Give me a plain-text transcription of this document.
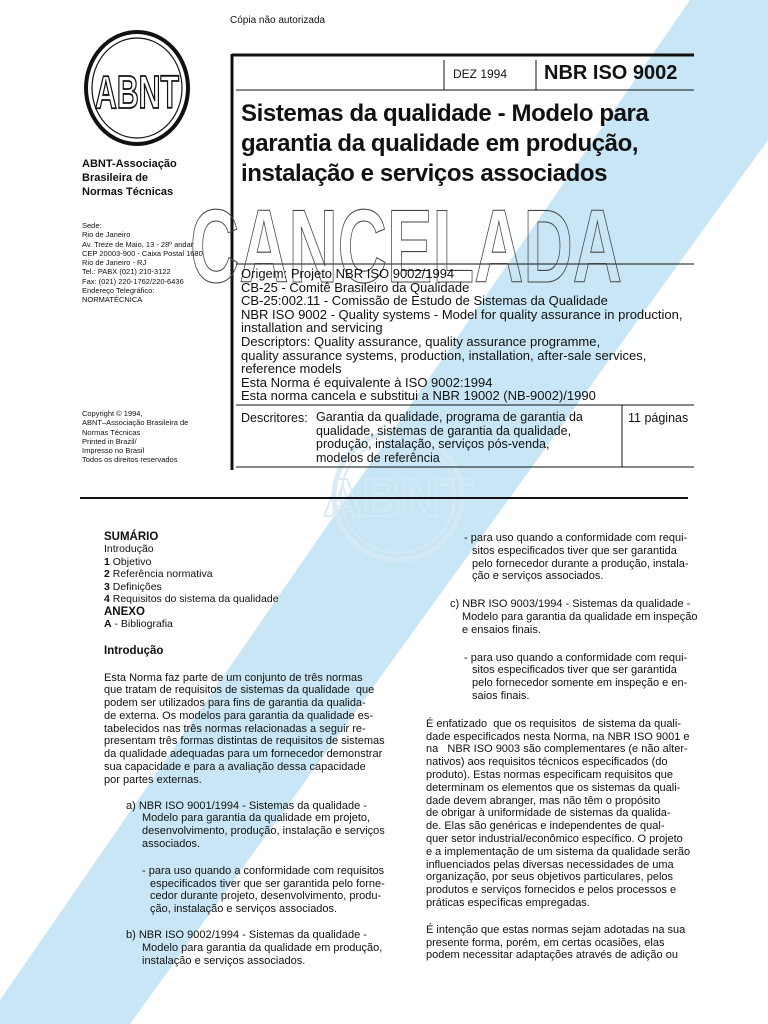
ABNT
CANCELADA
Cópia não autorizada
ABNT
ABNT-Associação
Brasileira de
Normas Técnicas
Sede:
Rio de Janeiro
Av. Treze de Maio, 13 - 28º andar
CEP 20003-900 - Caixa Postal 1680
Rio de Janeiro - RJ
Tel.: PABX (021) 210-3122
Fax: (021) 220-1762/220-6436
Endereço Telegráfico:
NORMATÉCNICA
Copyright © 1994,
ABNT–Associação Brasileira de
Normas Técnicas
Printed in Brazil/
Impresso no Brasil
Todos os direitos reservados
DEZ 1994 NBR ISO 9002
Sistemas da qualidade - Modelo para
garantia da qualidade em produção,
instalação e serviços associados
Origem: Projeto NBR ISO 9002/1994
CB-25 - Comitê Brasileiro da Qualidade
CB-25:002.11 - Comissão de Estudo de Sistemas da Qualidade
NBR ISO 9002 - Quality systems - Model for quality assurance in production,
installation and servicing
Descriptors: Quality assurance, quality assurance programme,
quality assurance systems, production, installation, after-sale services,
reference models
Esta Norma é equivalente à ISO 9002:1994
Esta norma cancela e substitui a NBR 19002 (NB-9002)/1990
Descritores: Garantia da qualidade, programa de garantia da
qualidade, sistemas de garantia da qualidade,
produção, instalação, serviços pós-venda,
modelos de referência
11 páginas
SUMÁRIO
Introdução
1 Objetivo
2 Referência normativa
3 Definições
4 Requisitos do sistema da qualidade
ANEXO
A - Bibliografia
Introdução
Esta Norma faz parte de um conjunto de três normas
que tratam de requisitos de sistemas da qualidade  que
podem ser utilizados para fins de garantia da qualida-
de externa. Os modelos para garantia da qualidade es-
tabelecidos nas três normas relacionadas a seguir re-
presentam três formas distintas de requisitos de sistemas
da qualidade adequadas para um fornecedor demonstrar
sua capacidade e para a avaliação dessa capacidade
por partes externas.
a) NBR ISO 9001/1994 - Sistemas da qualidade -
Modelo para garantia da qualidade em projeto,
desenvolvimento, produção, instalação e serviços
associados.
- para uso quando a conformidade com requisitos
especificados tiver que ser garantida pelo forne-
cedor durante projeto, desenvolvimento, produ-
ção, instalação e serviços associados.
b) NBR ISO 9002/1994 - Sistemas da qualidade -
Modelo para garantia da qualidade em produção,
instalação e serviços associados.
- para uso quando a conformidade com requi-
sitos especificados tiver que ser garantida
pelo fornecedor durante a produção, instala-
ção e serviços associados.
c) NBR ISO 9003/1994 - Sistemas da qualidade -
Modelo para garantia da qualidade em inspeção
e ensaios finais.
- para uso quando a conformidade com requi-
sitos especificados tiver que ser garantida
pelo fornecedor somente em inspeção e en-
saios finais.
É enfatizado  que os requisitos  de sistema da quali-
dade especificados nesta Norma, na NBR ISO 9001 e
na   NBR ISO 9003 são complementares (e não alter-
nativos) aos requisitos técnicos especificados (do
produto). Estas normas especificam requisitos que
determinam os elementos que os sistemas da quali-
dade devem abranger, mas não têm o propósito
de obrigar à uniformidade de sistemas da qualida-
de. Elas são genéricas e independentes de qual-
quer setor industrial/econômico específico. O projeto
e a implementação de um sistema da qualidade serão
influenciados pelas diversas necessidades de uma
organização, por seus objetivos particulares, pelos
produtos e serviços fornecidos e pelos processos e
práticas específicas empregadas.
É intenção que estas normas sejam adotadas na sua
presente forma, porém, em certas ocasiões, elas
podem necessitar adaptações através de adição ou
